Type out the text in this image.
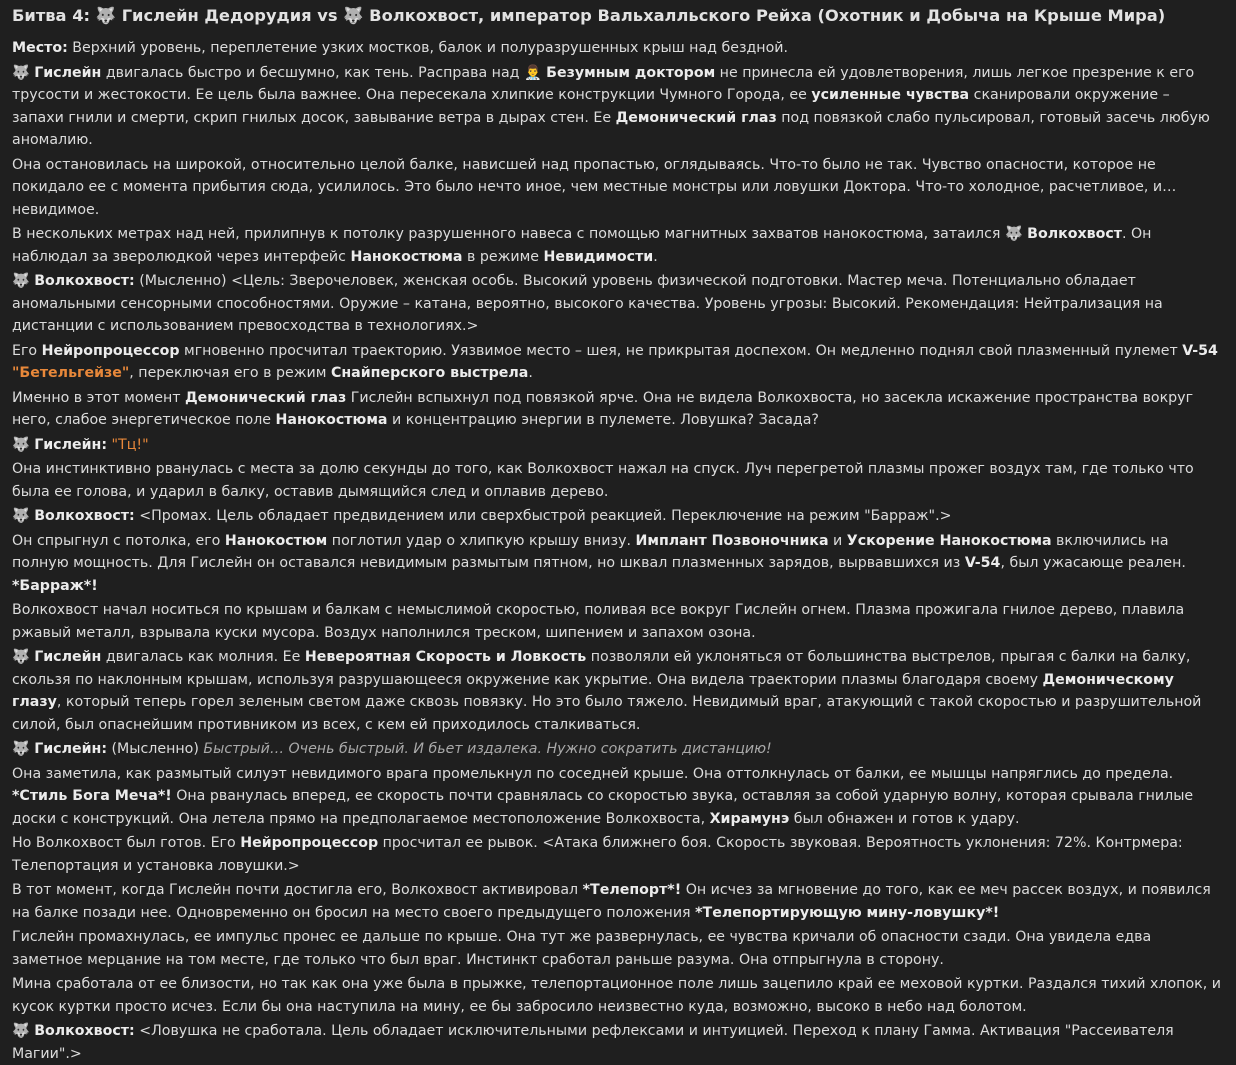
Битва 4: 🐺 Гислейн Дедорудия vs 🐺 Волкохвост, император Вальхалльского Рейха (Охотник и Добыча на Крыше Мира)

Место: Верхний уровень, переплетение узких мостков, балок и полуразрушенных крыш над бездной.

🐺 Гислейн двигалась быстро и бесшумно, как тень. Расправа над 👨‍⚕️ Безумным доктором не принесла ей удовлетворения, лишь легкое презрение к его трусости и жестокости. Ее цель была важнее. Она пересекала хлипкие конструкции Чумного Города, ее усиленные чувства сканировали окружение – запахи гнили и смерти, скрип гнилых досок, завывание ветра в дырах стен. Ее Демонический глаз под повязкой слабо пульсировал, готовый засечь любую аномалию.

Она остановилась на широкой, относительно целой балке, нависшей над пропастью, оглядываясь. Что-то было не так. Чувство опасности, которое не покидало ее с момента прибытия сюда, усилилось. Это было нечто иное, чем местные монстры или ловушки Доктора. Что-то холодное, расчетливое, и… невидимое.

В нескольких метрах над ней, прилипнув к потолку разрушенного навеса с помощью магнитных захватов нанокостюма, затаился 🐺 Волкохвост. Он наблюдал за зверолюдкой через интерфейс Нанокостюма в режиме Невидимости.

🐺 Волкохвост: (Мысленно) <Цель: Зверочеловек, женская особь. Высокий уровень физической подготовки. Мастер меча. Потенциально обладает аномальными сенсорными способностями. Оружие – катана, вероятно, высокого качества. Уровень угрозы: Высокий. Рекомендация: Нейтрализация на дистанции с использованием превосходства в технологиях.>

Его Нейропроцессор мгновенно просчитал траекторию. Уязвимое место – шея, не прикрытая доспехом. Он медленно поднял свой плазменный пулемет V-54 "Бетельгейзе", переключая его в режим Снайперского выстрела.

Именно в этот момент Демонический глаз Гислейн вспыхнул под повязкой ярче. Она не видела Волкохвоста, но засекла искажение пространства вокруг него, слабое энергетическое поле Нанокостюма и концентрацию энергии в пулемете. Ловушка? Засада?

🐺 Гислейн: "Тц!"

Она инстинктивно рванулась с места за долю секунды до того, как Волкохвост нажал на спуск. Луч перегретой плазмы прожег воздух там, где только что была ее голова, и ударил в балку, оставив дымящийся след и оплавив дерево.

🐺 Волкохвост: <Промах. Цель обладает предвидением или сверхбыстрой реакцией. Переключение на режим "Барраж".>

Он спрыгнул с потолка, его Нанокостюм поглотил удар о хлипкую крышу внизу. Имплант Позвоночника и Ускорение Нанокостюма включились на полную мощность. Для Гислейн он оставался невидимым размытым пятном, но шквал плазменных зарядов, вырвавшихся из V-54, был ужасающе реален. *Барраж*!

Волкохвост начал носиться по крышам и балкам с немыслимой скоростью, поливая все вокруг Гислейн огнем. Плазма прожигала гнилое дерево, плавила ржавый металл, взрывала куски мусора. Воздух наполнился треском, шипением и запахом озона.

🐺 Гислейн двигалась как молния. Ее Невероятная Скорость и Ловкость позволяли ей уклоняться от большинства выстрелов, прыгая с балки на балку, скользя по наклонным крышам, используя разрушающееся окружение как укрытие. Она видела траектории плазмы благодаря своему Демоническому глазу, который теперь горел зеленым светом даже сквозь повязку. Но это было тяжело. Невидимый враг, атакующий с такой скоростью и разрушительной силой, был опаснейшим противником из всех, с кем ей приходилось сталкиваться.

🐺 Гислейн: (Мысленно) Быстрый… Очень быстрый. И бьет издалека. Нужно сократить дистанцию!

Она заметила, как размытый силуэт невидимого врага промелькнул по соседней крыше. Она оттолкнулась от балки, ее мышцы напряглись до предела. *Стиль Бога Меча*! Она рванулась вперед, ее скорость почти сравнялась со скоростью звука, оставляя за собой ударную волну, которая срывала гнилые доски с конструкций. Она летела прямо на предполагаемое местоположение Волкохвоста, Хирамунэ был обнажен и готов к удару.

Но Волкохвост был готов. Его Нейропроцессор просчитал ее рывок. <Атака ближнего боя. Скорость звуковая. Вероятность уклонения: 72%. Контрмера: Телепортация и установка ловушки.>

В тот момент, когда Гислейн почти достигла его, Волкохвост активировал *Телепорт*! Он исчез за мгновение до того, как ее меч рассек воздух, и появился на балке позади нее. Одновременно он бросил на место своего предыдущего положения *Телепортирующую мину-ловушку*!

Гислейн промахнулась, ее импульс пронес ее дальше по крыше. Она тут же развернулась, ее чувства кричали об опасности сзади. Она увидела едва заметное мерцание на том месте, где только что был враг. Инстинкт сработал раньше разума. Она отпрыгнула в сторону.

Мина сработала от ее близости, но так как она уже была в прыжке, телепортационное поле лишь зацепило край ее меховой куртки. Раздался тихий хлопок, и кусок куртки просто исчез. Если бы она наступила на мину, ее бы забросило неизвестно куда, возможно, высоко в небо над болотом.

🐺 Волкохвост: <Ловушка не сработала. Цель обладает исключительными рефлексами и интуицией. Переход к плану Гамма. Активация "Рассеивателя Магии".>
